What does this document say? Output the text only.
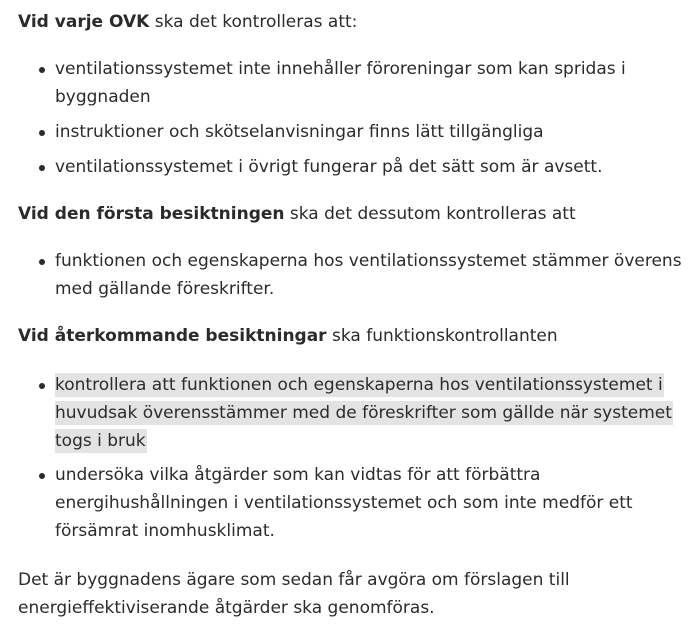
Vid varje OVK ska det kontrolleras att:

ventilationssystemet inte innehåller föroreningar som kan spridas i byggnaden
instruktioner och skötselanvisningar finns lätt tillgängliga
ventilationssystemet i övrigt fungerar på det sätt som är avsett.

Vid den första besiktningen ska det dessutom kontrolleras att

funktionen och egenskaperna hos ventilationssystemet stämmer överens med gällande föreskrifter.

Vid återkommande besiktningar ska funktionskontrollanten

kontrollera att funktionen och egenskaperna hos ventilationssystemet i huvudsak överensstämmer med de föreskrifter som gällde när systemet togs i bruk
undersöka vilka åtgärder som kan vidtas för att förbättra energihushållningen i ventilationssystemet och som inte medför ett försämrat inomhusklimat.

Det är byggnadens ägare som sedan får avgöra om förslagen till energieffektiviserande åtgärder ska genomföras.
